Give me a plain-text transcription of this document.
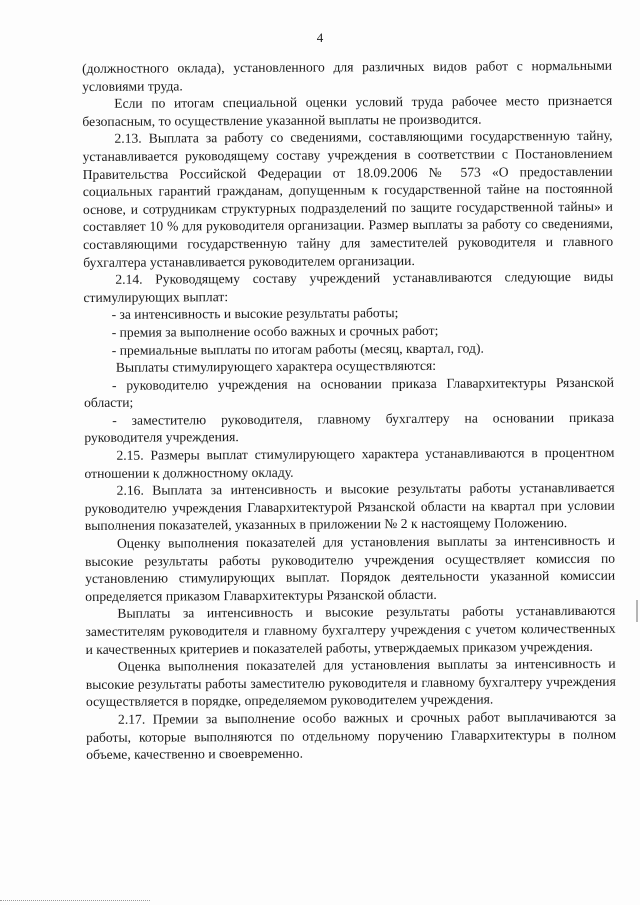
4

(должностного оклада), установленного для различных видов работ с нормальными условиями труда.

Если по итогам специальной оценки условий труда рабочее место признается безопасным, то осуществление указанной выплаты не производится.

2.13. Выплата за работу со сведениями, составляющими государственную тайну, устанавливается руководящему составу учреждения в соответствии с Постановлением Правительства Российской Федерации от 18.09.2006 № 573 «О предоставлении социальных гарантий гражданам, допущенным к государственной тайне на постоянной основе, и сотрудникам структурных подразделений по защите государственной тайны» и составляет 10 % для руководителя организации. Размер выплаты за работу со сведениями, составляющими государственную тайну для заместителей руководителя и главного бухгалтера устанавливается руководителем организации.

2.14. Руководящему составу учреждений устанавливаются следующие виды стимулирующих выплат:

- за интенсивность и высокие результаты работы;

- премия за выполнение особо важных и срочных работ;

- премиальные выплаты по итогам работы (месяц, квартал, год).

Выплаты стимулирующего характера осуществляются:

- руководителю учреждения на основании приказа Главархитектуры Рязанской области;

- заместителю руководителя, главному бухгалтеру на основании приказа руководителя учреждения.

2.15. Размеры выплат стимулирующего характера устанавливаются в процентном отношении к должностному окладу.

2.16. Выплата за интенсивность и высокие результаты работы устанавливается руководителю учреждения Главархитектурой Рязанской области на квартал при условии выполнения показателей, указанных в приложении № 2 к настоящему Положению.

Оценку выполнения показателей для установления выплаты за интенсивность и высокие результаты работы руководителю учреждения осуществляет комиссия по установлению стимулирующих выплат. Порядок деятельности указанной комиссии определяется приказом Главархитектуры Рязанской области.

Выплаты за интенсивность и высокие результаты работы устанавливаются заместителям руководителя и главному бухгалтеру учреждения с учетом количественных и качественных критериев и показателей работы, утверждаемых приказом учреждения.

Оценка выполнения показателей для установления выплаты за интенсивность и высокие результаты работы заместителю руководителя и главному бухгалтеру учреждения осуществляется в порядке, определяемом руководителем учреждения.

2.17. Премии за выполнение особо важных и срочных работ выплачиваются за работы, которые выполняются по отдельному поручению Главархитектуры в полном объеме, качественно и своевременно.
